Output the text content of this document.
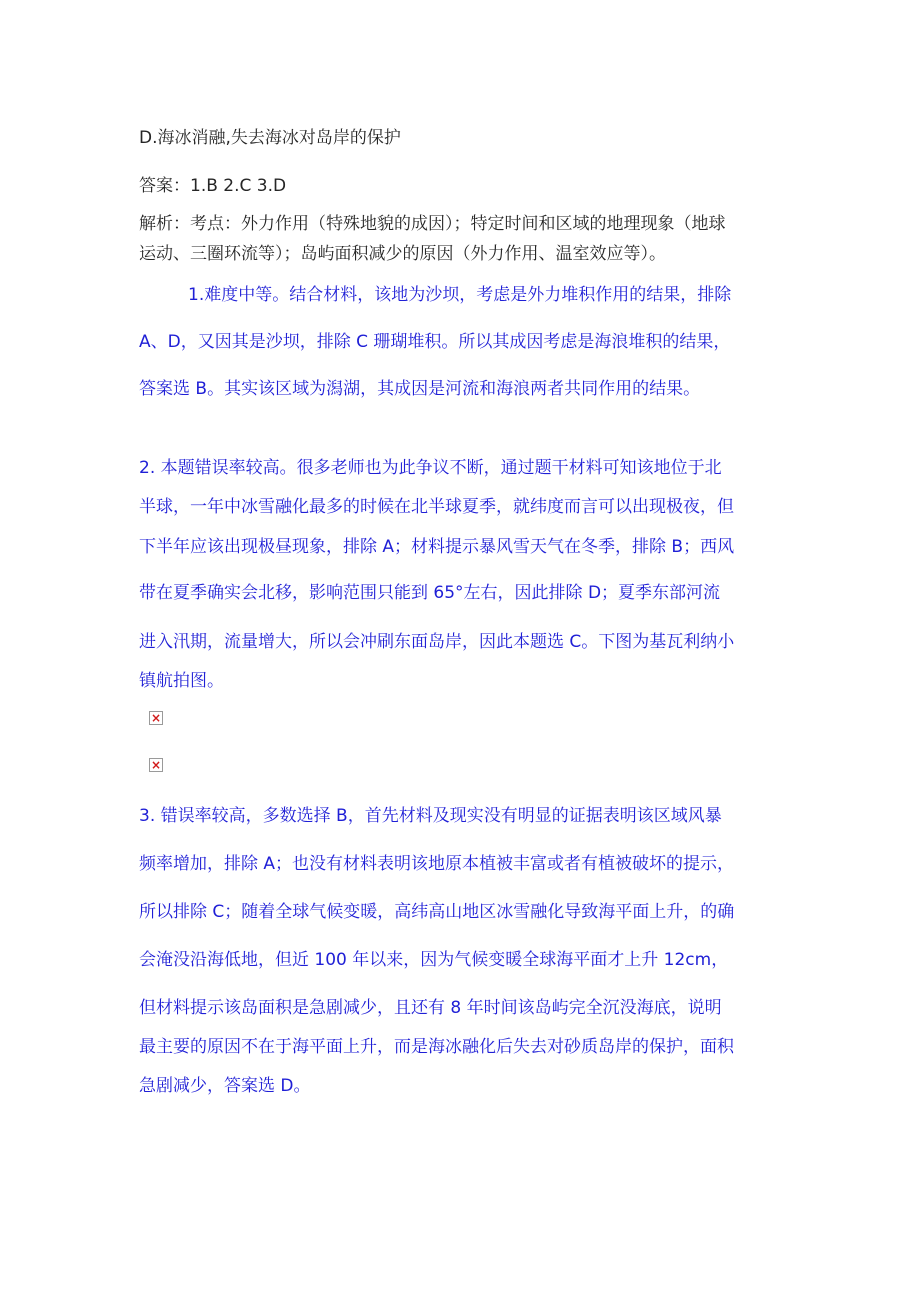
D.海冰消融,失去海冰对岛岸的保护
答案：1.B 2.C 3.D
解析：考点：外力作用（特殊地貌的成因）；特定时间和区域的地理现象（地球
运动、三圈环流等）；岛屿面积减少的原因（外力作用、温室效应等）。
1.难度中等。结合材料，该地为沙坝，考虑是外力堆积作用的结果，排除
A、D，又因其是沙坝，排除 C 珊瑚堆积。所以其成因考虑是海浪堆积的结果，
答案选 B。其实该区域为潟湖，其成因是河流和海浪两者共同作用的结果。
2. 本题错误率较高。很多老师也为此争议不断，通过题干材料可知该地位于北
半球，一年中冰雪融化最多的时候在北半球夏季，就纬度而言可以出现极夜，但
下半年应该出现极昼现象，排除 A；材料提示暴风雪天气在冬季，排除 B；西风
带在夏季确实会北移，影响范围只能到 65°左右，因此排除 D；夏季东部河流
进入汛期，流量增大，所以会冲刷东面岛岸，因此本题选 C。下图为基瓦利纳小
镇航拍图。
×
×
3. 错误率较高，多数选择 B，首先材料及现实没有明显的证据表明该区域风暴
频率增加，排除 A；也没有材料表明该地原本植被丰富或者有植被破坏的提示，
所以排除 C；随着全球气候变暖，高纬高山地区冰雪融化导致海平面上升，的确
会淹没沿海低地，但近 100 年以来，因为气候变暖全球海平面才上升 12cm，
但材料提示该岛面积是急剧减少，且还有 8 年时间该岛屿完全沉没海底，说明
最主要的原因不在于海平面上升，而是海冰融化后失去对砂质岛岸的保护，面积
急剧减少，答案选 D。
